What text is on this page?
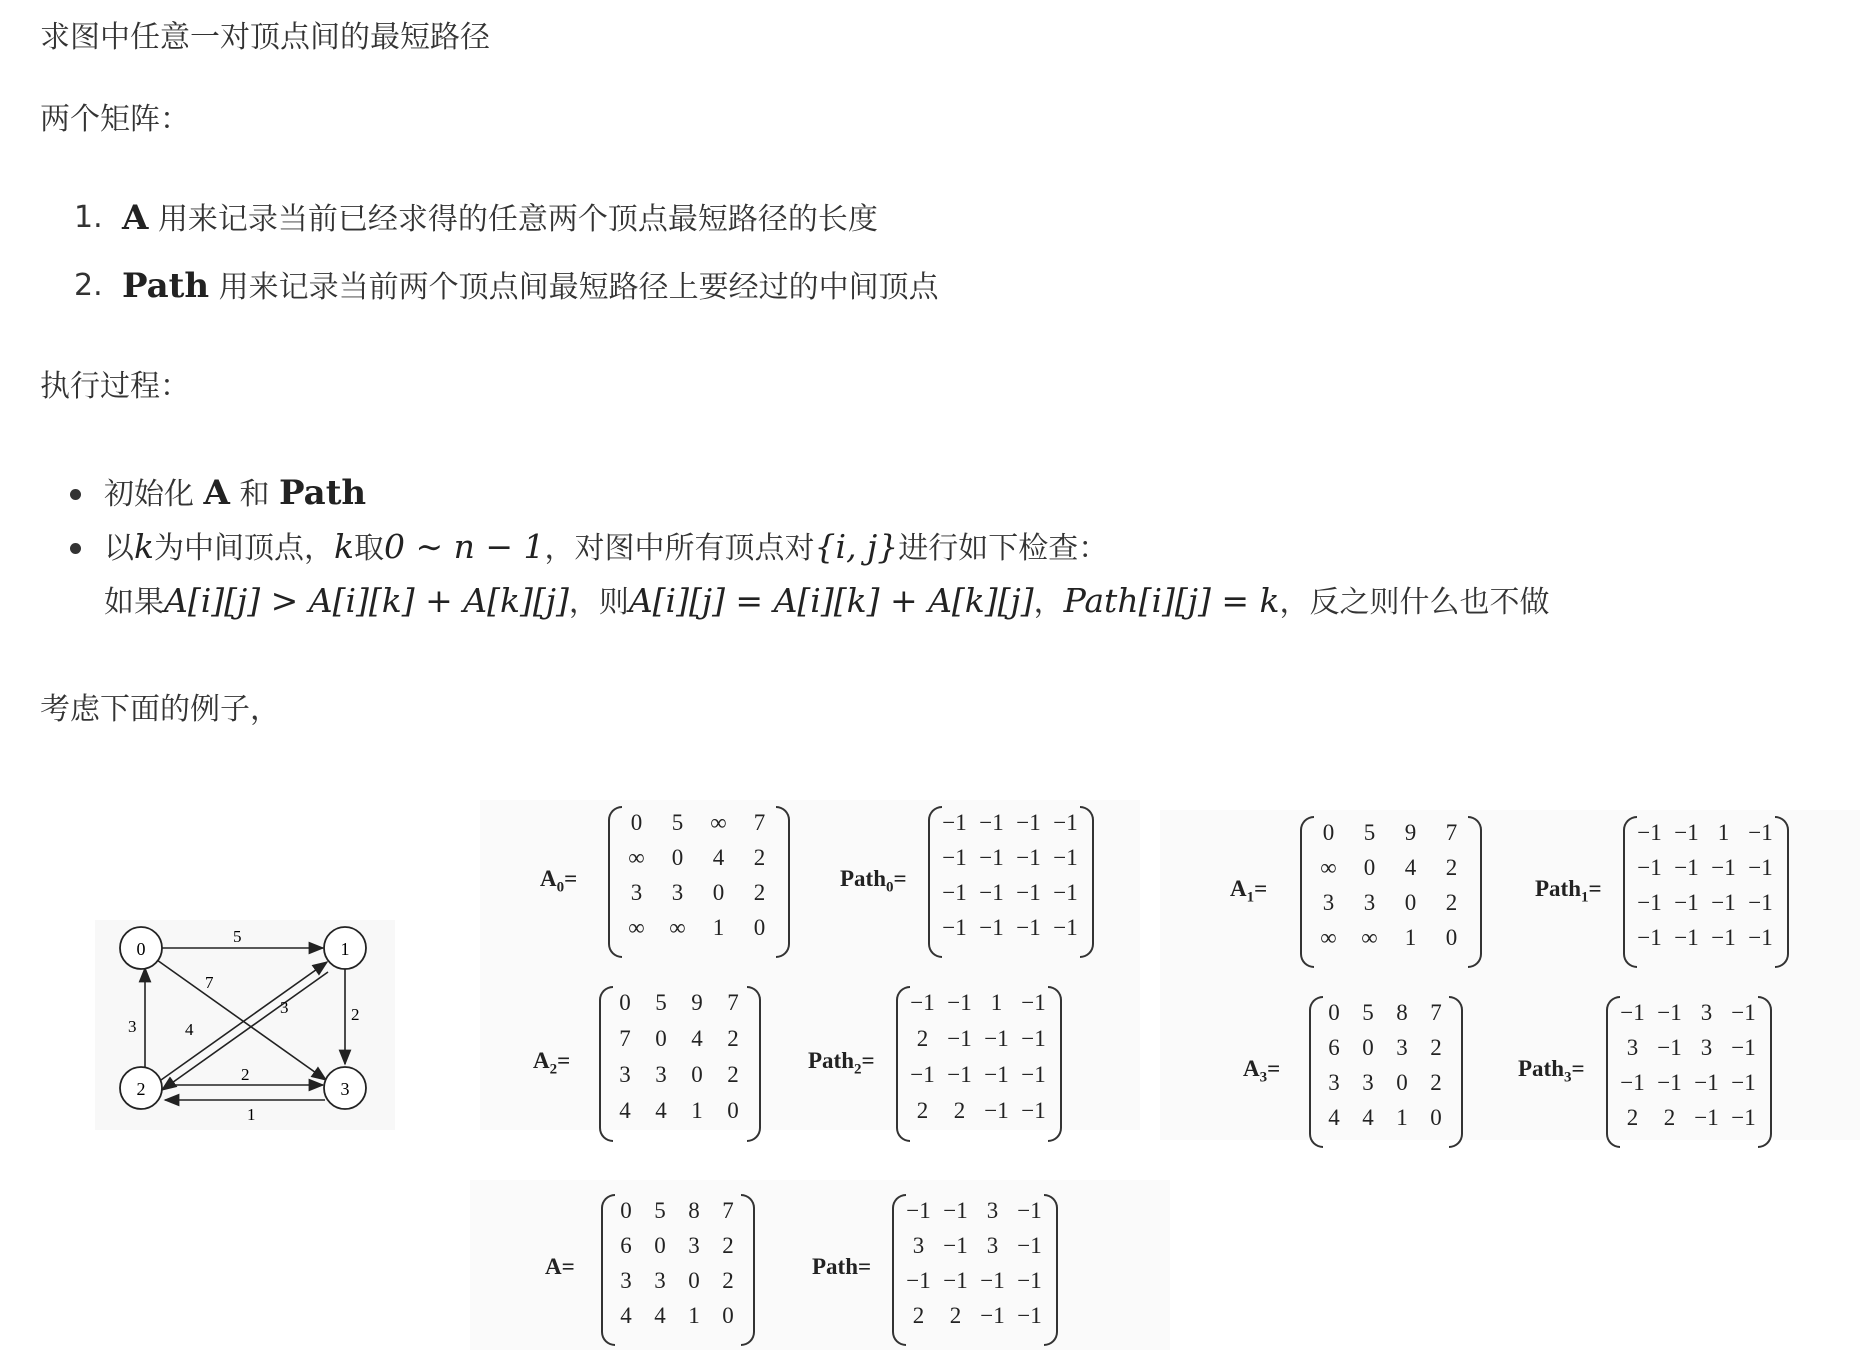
求图中任意一对顶点间的最短路径
两个矩阵：
1. A 用来记录当前已经求得的任意两个顶点最短路径的长度
2. Path 用来记录当前两个顶点间最短路径上要经过的中间顶点
执行过程：
初始化 A 和 Path
以k为中间顶点，k取0 ∼ n − 1，对图中所有顶点对{i, j}进行如下检查：
如果A[i][j] > A[i][k] + A[k][j]，则A[i][j] = A[i][k] + A[k][j]，Path[i][j] = k，反之则什么也不做
考虑下面的例子，
0	1
2	3
5
7
3
4
3
2
2
1
$A_0=$
0	5	∞	7
∞	0	4	2
3	3	0	2
∞	∞	1	0
Path$_0$=
−1 −1 −1 −1
−1 −1 −1 −1
−1 −1 −1 −1
−1 −1 −1 −1
$A_1=$
0	5	9	7
∞	0	4	2
3	3	0	2
∞	∞	1	0
Path$_1$=
−1 −1 1 −1
−1 −1 −1 −1
−1 −1 −1 −1
−1 −1 −1 −1
$A_2=$
0	5	9	7
7	0	4	2
3	3	0	2
4	4	1	0
Path$_2$=
−1 −1 1 −1
2 −1 −1 −1
−1 −1 −1 −1
2	2 −1 −1
$A_3=$
0 5 8 7
6 0 3 2
3 3 0 2
4 4 1 0
Path$_3$=
−1 −1 3 −1
3 −1 3 −1
−1 −1 −1 −1
2	2 −1 −1
A=
0 5 8 7
6 0 3 2
3 3 0 2
4 4 1 0
Path=
−1 −1 3 −1
3 −1 3 −1
−1 −1 −1 −1
2	2 −1 −1
